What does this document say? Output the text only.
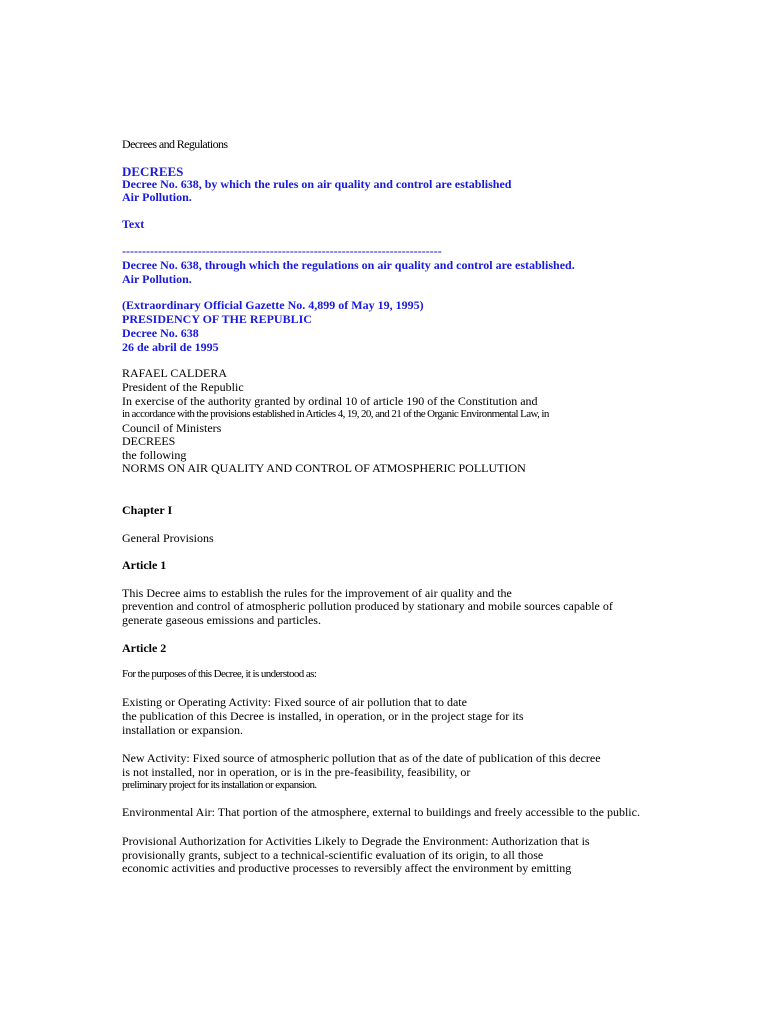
Decrees and Regulations
DECREES
Decree No. 638, by which the rules on air quality and control are established
Air Pollution.
Text
--------------------------------------------------------------------------------
Decree No. 638, through which the regulations on air quality and control are established.
Air Pollution.
(Extraordinary Official Gazette No. 4,899 of May 19, 1995)
PRESIDENCY OF THE REPUBLIC
Decree No. 638
26 de abril de 1995
RAFAEL CALDERA
President of the Republic
In exercise of the authority granted by ordinal 10 of article 190 of the Constitution and
in accordance with the provisions established in Articles 4, 19, 20, and 21 of the Organic Environmental Law, in
Council of Ministers
DECREES
the following
NORMS ON AIR QUALITY AND CONTROL OF ATMOSPHERIC POLLUTION
Chapter I
General Provisions
Article 1
This Decree aims to establish the rules for the improvement of air quality and the
prevention and control of atmospheric pollution produced by stationary and mobile sources capable of
generate gaseous emissions and particles.
Article 2
For the purposes of this Decree, it is understood as:
Existing or Operating Activity: Fixed source of air pollution that to date
the publication of this Decree is installed, in operation, or in the project stage for its
installation or expansion.
New Activity: Fixed source of atmospheric pollution that as of the date of publication of this decree
is not installed, nor in operation, or is in the pre-feasibility, feasibility, or
preliminary project for its installation or expansion.
Environmental Air: That portion of the atmosphere, external to buildings and freely accessible to the public.
Provisional Authorization for Activities Likely to Degrade the Environment: Authorization that is
provisionally grants, subject to a technical-scientific evaluation of its origin, to all those
economic activities and productive processes to reversibly affect the environment by emitting
